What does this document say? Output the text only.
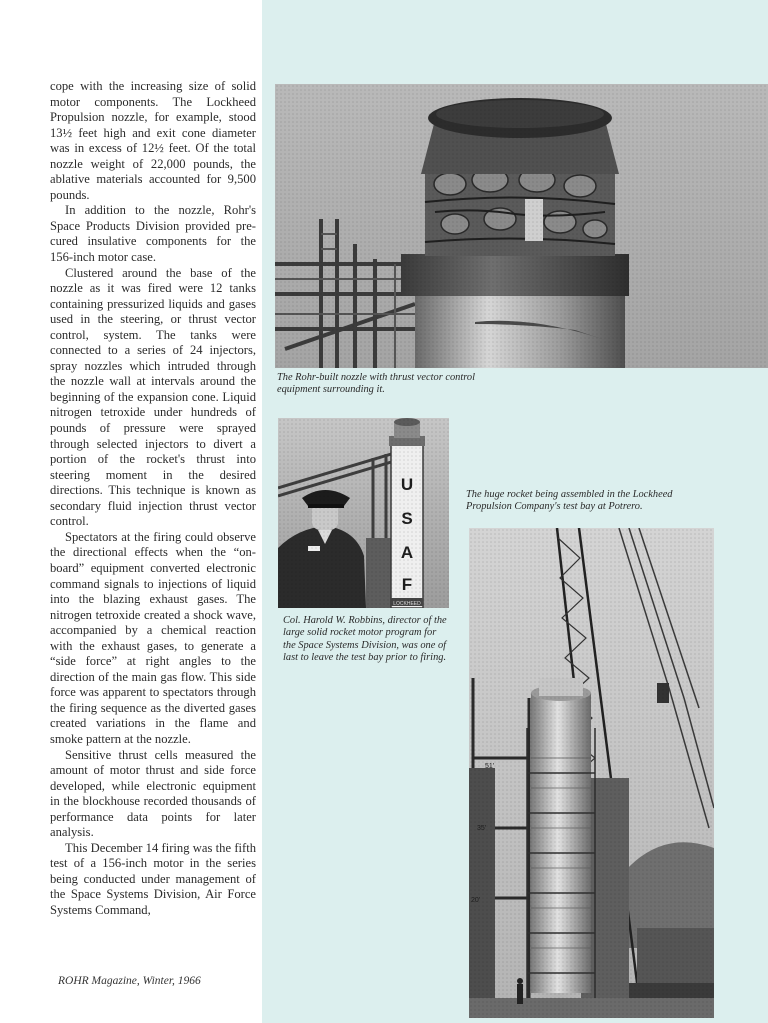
cope with the increasing size of solid motor components. The Lockheed Propulsion nozzle, for example, stood 13½ feet high and exit cone diameter was in excess of 12½ feet. Of the total nozzle weight of 22,000 pounds, the ablative materials accounted for 9,500 pounds.

In addition to the nozzle, Rohr's Space Products Division provided pre-cured insulative components for the 156-inch motor case.

Clustered around the base of the nozzle as it was fired were 12 tanks containing pressurized liquids and gases used in the steering, or thrust vector control, system. The tanks were connected to a series of 24 injectors, spray nozzles which intruded through the nozzle wall at intervals around the beginning of the expansion cone. Liquid nitrogen tetroxide under hundreds of pounds of pressure were sprayed through selected injectors to divert a portion of the rocket's thrust into steering moment in the desired directions. This technique is known as secondary fluid injection thrust vector control.

Spectators at the firing could observe the directional effects when the “on-board” equipment converted electronic command signals to injections of liquid into the blazing exhaust gases. The nitrogen tetroxide created a shock wave, accompanied by a chemical reaction with the exhaust gases, to generate a “side force” at right angles to the direction of the main gas flow. This side force was apparent to spectators through the firing sequence as the diverted gases created variations in the flame and smoke pattern at the nozzle.

Sensitive thrust cells measured the amount of motor thrust and side force developed, while electronic equipment in the blockhouse recorded thousands of performance data points for later analysis.

This December 14 firing was the fifth test of a 156-inch motor in the series being conducted under management of the Space Systems Division, Air Force Systems Command,

ROHR Magazine, Winter, 1966
The Rohr-built nozzle with thrust vector control equipment surrounding it.
Col. Harold W. Robbins, director of the large solid rocket motor program for the Space Systems Division, was one of last to leave the test bay prior to firing.
The huge rocket being assembled in the Lockheed Propulsion Company's test bay at Potrero.
